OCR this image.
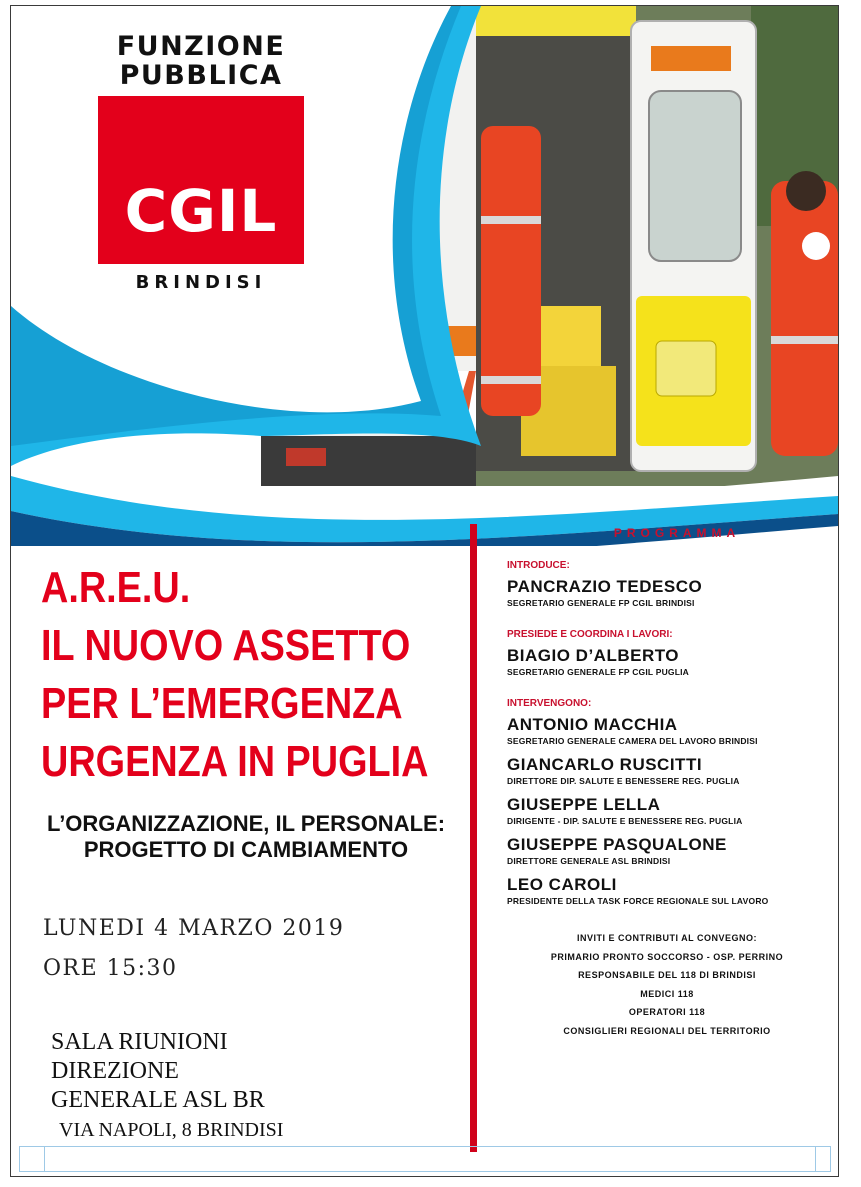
FUNZIONE
PUBBLICA
CGIL
BRINDISI
A.R.E.U.
IL NUOVO ASSETTO
PER L’EMERGENZA
URGENZA IN PUGLIA
L’ORGANIZZAZIONE, IL PERSONALE:
PROGETTO DI CAMBIAMENTO
LUNEDI 4 MARZO 2019
ORE 15:30
SALA RIUNIONI
DIREZIONE
GENERALE ASL BR
VIA NAPOLI, 8 BRINDISI
PROGRAMMA
INTRODUCE:
PANCRAZIO TEDESCO
SEGRETARIO GENERALE FP CGIL BRINDISI
PRESIEDE E COORDINA I LAVORI:
BIAGIO D’ALBERTO
SEGRETARIO GENERALE FP CGIL PUGLIA
INTERVENGONO:
ANTONIO MACCHIA
SEGRETARIO GENERALE CAMERA DEL LAVORO BRINDISI
GIANCARLO RUSCITTI
DIRETTORE DIP. SALUTE E BENESSERE REG. PUGLIA
GIUSEPPE LELLA
DIRIGENTE - DIP. SALUTE E BENESSERE REG. PUGLIA
GIUSEPPE PASQUALONE
DIRETTORE GENERALE ASL BRINDISI
LEO CAROLI
PRESIDENTE DELLA TASK FORCE REGIONALE SUL LAVORO
INVITI E CONTRIBUTI AL CONVEGNO:
PRIMARIO PRONTO SOCCORSO - OSP. PERRINO
RESPONSABILE DEL 118 DI BRINDISI
MEDICI 118
OPERATORI 118
CONSIGLIERI REGIONALI DEL TERRITORIO
